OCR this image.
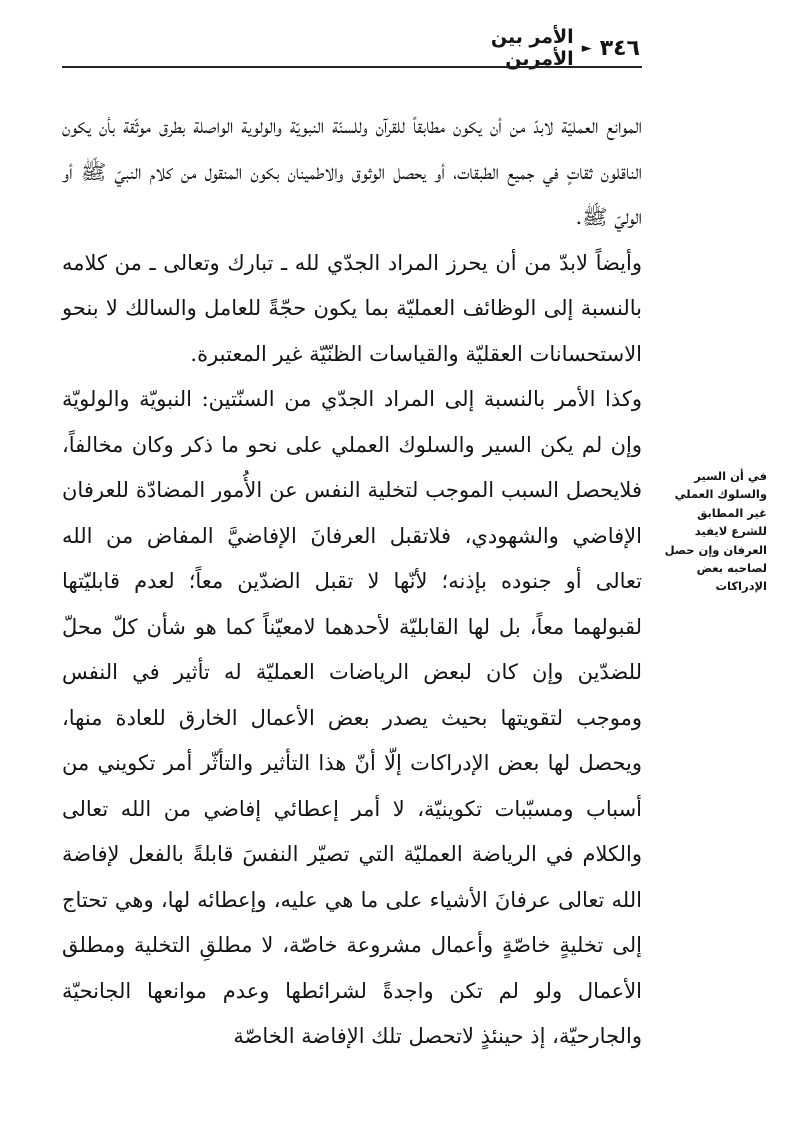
٣٤٦
►
الأمر بين الأمرين

الموانع العمليّة لابدّ من أن يكون مطابقاً للقرآن وللسنّة النبويّة والولوية الواصلة بطرق موثّقة بأن يكون الناقلون ثقاتٍ في جميع الطبقات، أو يحصل الوثوق والاطمينان بكون المنقول من كلام النبيّ ﷺ أو الوليّ ﷺ.

وأيضاً لابدّ من أن يحرز المراد الجدّي لله ـ تبارك وتعالى ـ من كلامه بالنسبة إلى الوظائف العمليّة بما يكون حجّةً للعامل والسالك لا بنحو الاستحسانات العقليّة والقياسات الظنّيّة غير المعتبرة.

وكذا الأمر بالنسبة إلى المراد الجدّي من السنّتين: النبويّة والولويّة وإن لم يكن السير والسلوك العملي على نحو ما ذكر وكان مخالفاً، فلايحصل السبب الموجب لتخلية النفس عن الأُمور المضادّة للعرفان الإفاضي والشهودي، فلاتقبل العرفانَ الإفاضيَّ المفاض من الله تعالى أو جنوده بإذنه؛ لأنّها لا تقبل الضدّين معاً؛ لعدم قابليّتها لقبولهما معاً، بل لها القابليّة لأحدهما لامعيّناً كما هو شأن كلّ محلّ للضدّين وإن كان لبعض الرياضات العمليّة له تأثير في النفس وموجب لتقويتها بحيث يصدر بعض الأعمال الخارق للعادة منها، ويحصل لها بعض الإدراكات إلّا أنّ هذا التأثير والتأثّر أمر تكويني من أسباب ومسبّبات تكوينيّة، لا أمر إعطائي إفاضي من الله تعالى والكلام في الرياضة العمليّة التي تصيّر النفسَ قابلةً بالفعل لإفاضة الله تعالى عرفانَ الأشياء على ما هي عليه، وإعطائه لها، وهي تحتاج إلى تخليةٍ خاصّةٍ وأعمال مشروعة خاصّة، لا مطلقِ التخلية ومطلق الأعمال ولو لم تكن واجدةً لشرائطها وعدم موانعها الجانحيّة والجارحيّة، إذ حينئذٍ لاتحصل تلك الإفاضة الخاصّة

في أن السير والسلوك العملي غير المطابق للشرع لايفيد العرفان وإن حصل لصاحبه بعض الإدراكات
